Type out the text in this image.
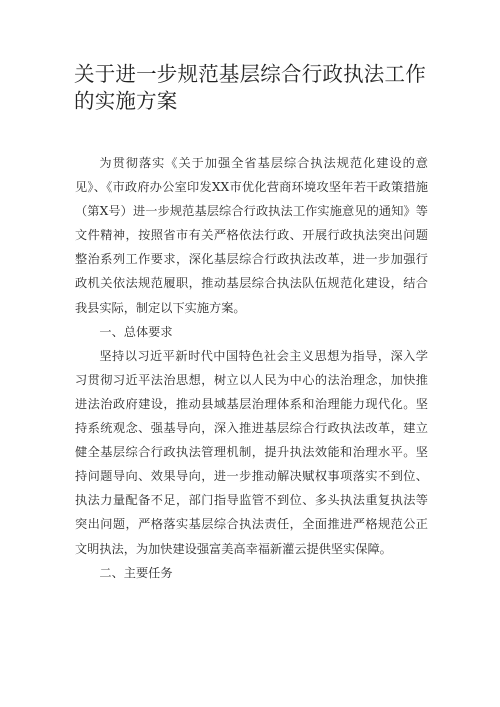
关于进一步规范基层综合行政执法工作的实施方案

为贯彻落实《关于加强全省基层综合执法规范化建设的意见》、《市政府办公室印发XX市优化营商环境攻坚年若干政策措施（第X号）进一步规范基层综合行政执法工作实施意见的通知》等文件精神，按照省市有关严格依法行政、开展行政执法突出问题整治系列工作要求，深化基层综合行政执法改革，进一步加强行政机关依法规范履职，推动基层综合执法队伍规范化建设，结合我县实际，制定以下实施方案。

一、总体要求

坚持以习近平新时代中国特色社会主义思想为指导，深入学习贯彻习近平法治思想，树立以人民为中心的法治理念，加快推进法治政府建设，推动县域基层治理体系和治理能力现代化。坚持系统观念、强基导向，深入推进基层综合行政执法改革，建立健全基层综合行政执法管理机制，提升执法效能和治理水平。坚持问题导向、效果导向，进一步推动解决赋权事项落实不到位、执法力量配备不足，部门指导监管不到位、多头执法重复执法等突出问题，严格落实基层综合执法责任，全面推进严格规范公正文明执法，为加快建设强富美高幸福新灌云提供坚实保障。

二、主要任务
